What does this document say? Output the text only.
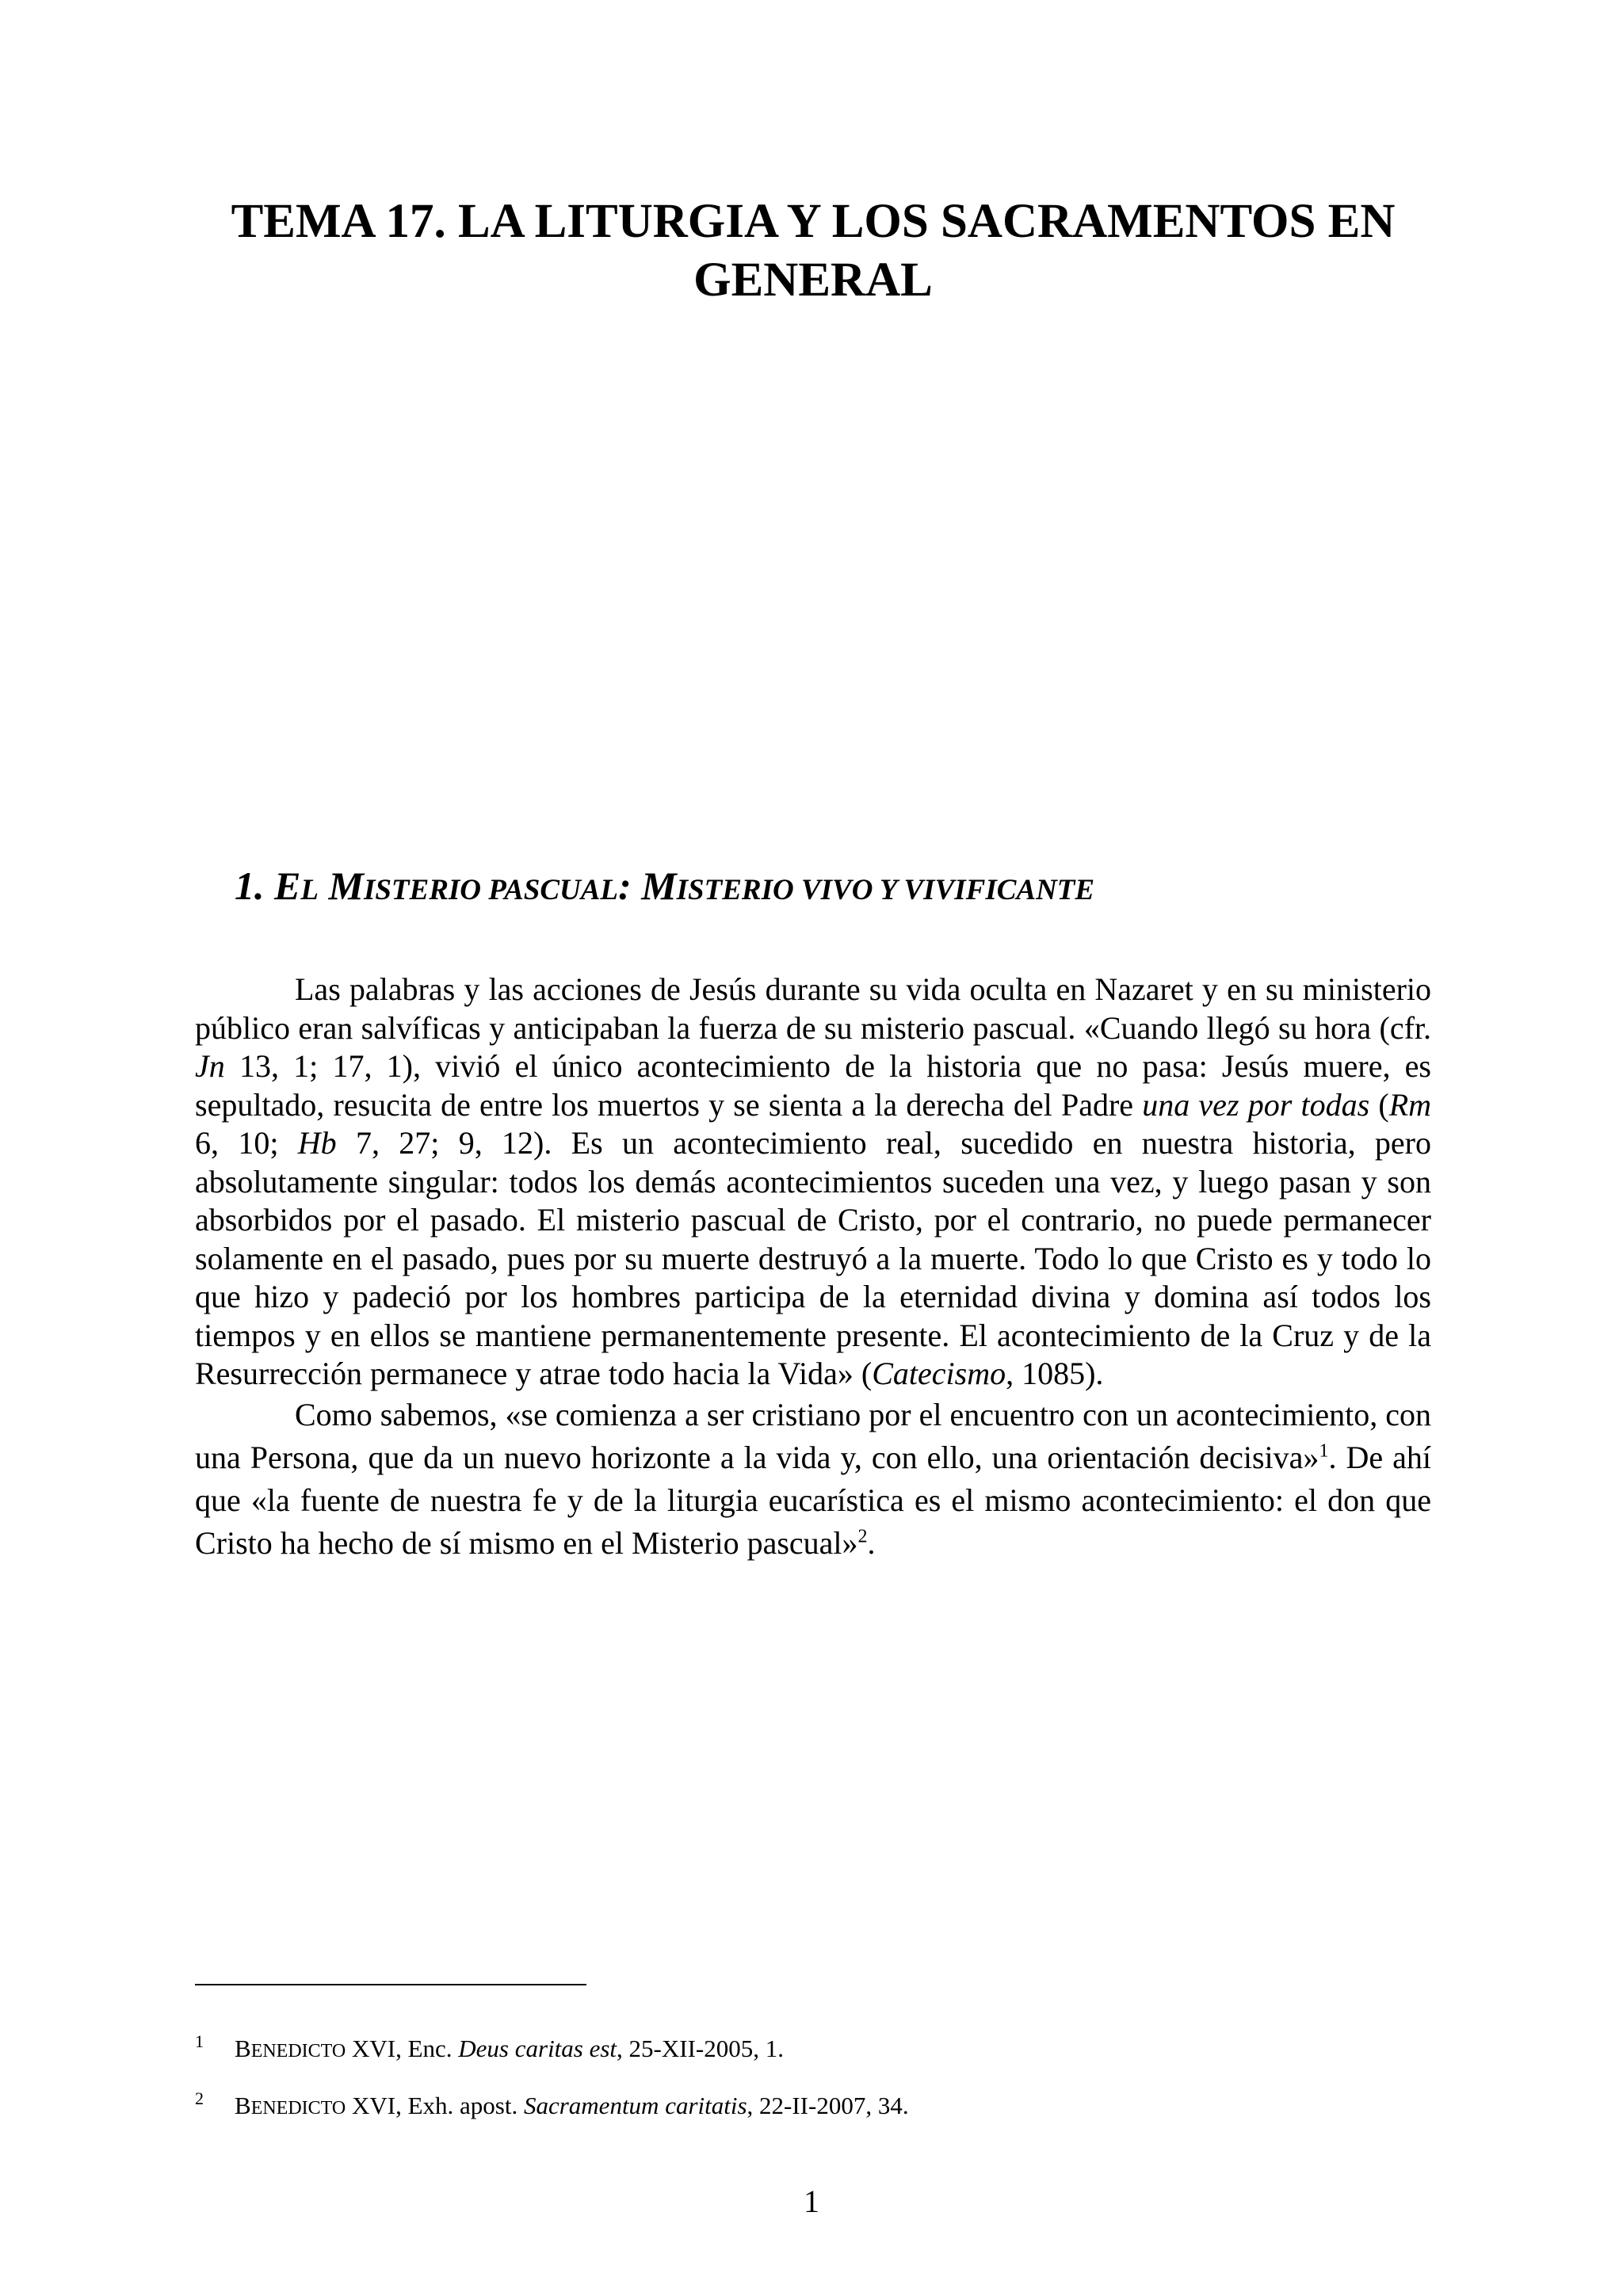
TEMA 17. LA LITURGIA Y LOS SACRAMENTOS EN GENERAL
1. EL MISTERIO PASCUAL: MISTERIO VIVO Y VIVIFICANTE

Las palabras y las acciones de Jesús durante su vida oculta en Nazaret y en su ministerio público eran salvíficas y anticipaban la fuerza de su misterio pascual. «Cuando llegó su hora (cfr. Jn 13, 1; 17, 1), vivió el único acontecimiento de la historia que no pasa: Jesús muere, es sepultado, resucita de entre los muertos y se sienta a la derecha del Padre una vez por todas (Rm 6, 10; Hb 7, 27; 9, 12). Es un acontecimiento real, sucedido en nuestra historia, pero absolutamente singular: todos los demás acontecimientos suceden una vez, y luego pasan y son absorbidos por el pasado. El misterio pascual de Cristo, por el contrario, no puede permanecer solamente en el pasado, pues por su muerte destruyó a la muerte. Todo lo que Cristo es y todo lo que hizo y padeció por los hombres participa de la eternidad divina y domina así todos los tiempos y en ellos se mantiene permanentemente presente. El acontecimiento de la Cruz y de la Resurrección permanece y atrae todo hacia la Vida» (Catecismo, 1085).

Como sabemos, «se comienza a ser cristiano por el encuentro con un acontecimiento, con una Persona, que da un nuevo horizonte a la vida y, con ello, una orientación decisiva»$^1$. De ahí que «la fuente de nuestra fe y de la liturgia eucarística es el mismo acontecimiento: el don que Cristo ha hecho de sí mismo en el Misterio pascual»$^2$.

1 BENEDICTO XVI, Enc. Deus caritas est, 25-XII-2005, 1.
2 BENEDICTO XVI, Exh. apost. Sacramentum caritatis, 22-II-2007, 34.
1
